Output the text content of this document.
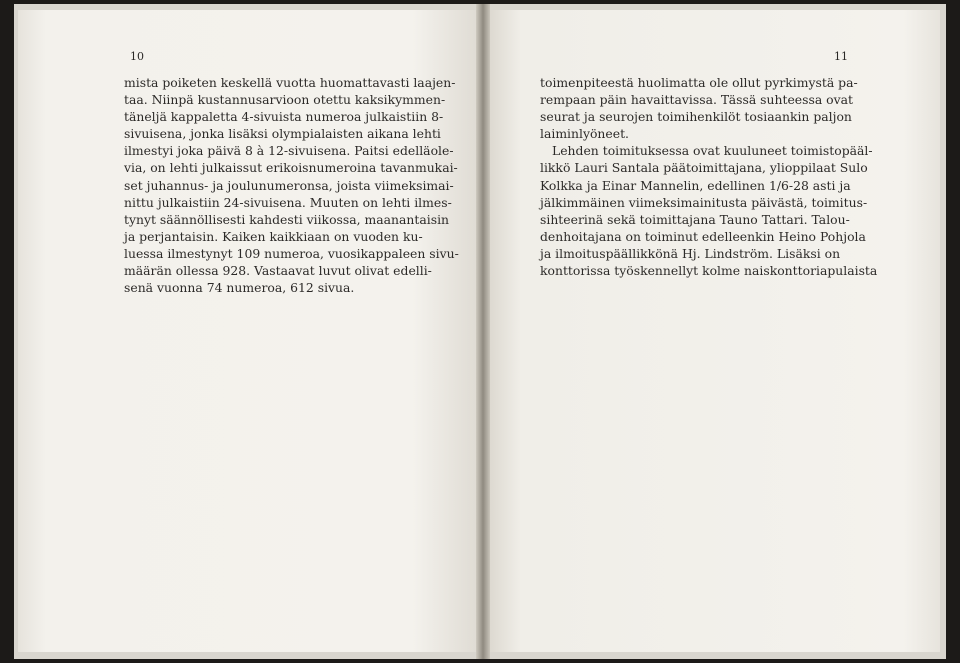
10
mista poiketen keskellä vuotta huomattavasti laajen-
taa. Niinpä kustannusarvioon otettu kaksikymmen-
täneljä kappaletta 4-sivuista numeroa julkaistiin 8-
sivuisena, jonka lisäksi olympialaisten aikana lehti
ilmestyi joka päivä 8 à 12-sivuisena. Paitsi edelläole-
via, on lehti julkaissut erikoisnumeroina tavanmukai-
set juhannus- ja joulunumeronsa, joista viimeksimai-
nittu julkaistiin 24-sivuisena. Muuten on lehti ilmes-
tynyt säännöllisesti kahdesti viikossa, maanantaisin
ja perjantaisin. Kaiken kaikkiaan on vuoden ku-
luessa ilmestynyt 109 numeroa, vuosikappaleen sivu-
määrän ollessa 928. Vastaavat luvut olivat edelli-
senä vuonna 74 numeroa, 612 sivua.
11
toimenpiteestä huolimatta ole ollut pyrkimystä pa-
rempaan päin havaittavissa. Tässä suhteessa ovat
seurat ja seurojen toimihenkilöt tosiaankin paljon
laiminlyöneet.
Lehden toimituksessa ovat kuuluneet toimistopääl-
likkö Lauri Santala päätoimittajana, ylioppilaat Sulo
Kolkka ja Einar Mannelin, edellinen 1/6-28 asti ja
jälkimmäinen viimeksimainitusta päivästä, toimitus-
sihteerinä sekä toimittajana Tauno Tattari. Talou-
denhoitajana on toiminut edelleenkin Heino Pohjola
ja ilmoituspäällikkönä Hj. Lindström. Lisäksi on
konttorissa työskennellyt kolme naiskonttoriapulaista
